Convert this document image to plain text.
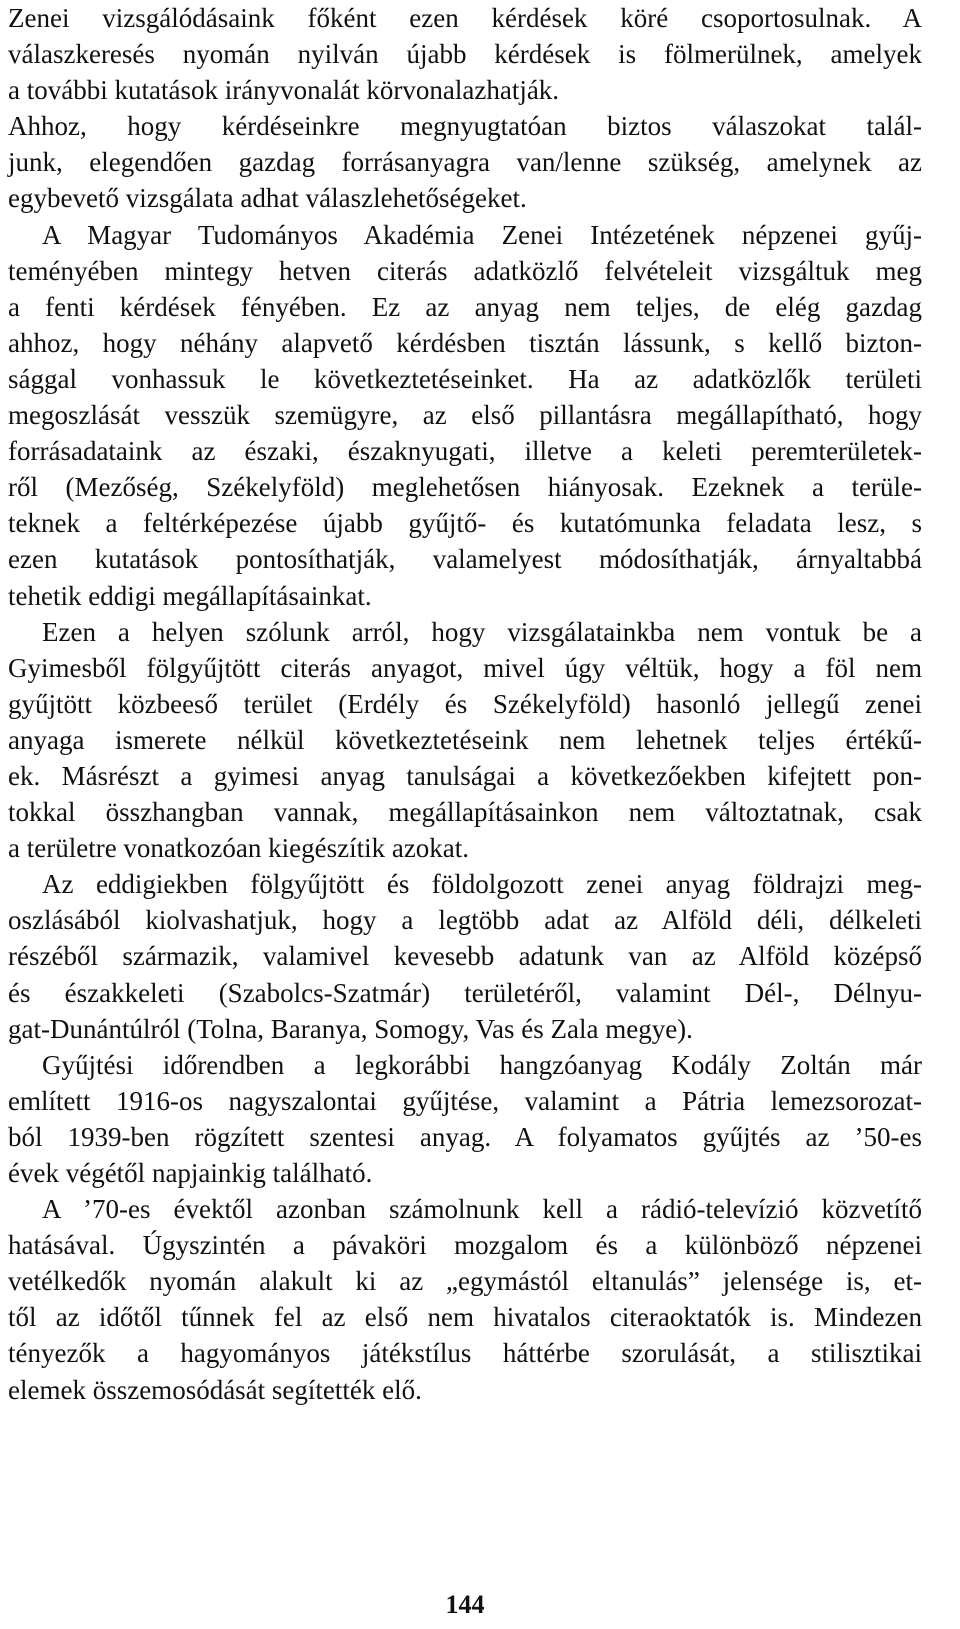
Zenei vizsgálódásaink főként ezen kérdések köré csoportosulnak. A
válaszkeresés nyomán nyilván újabb kérdések is fölmerülnek, amelyek
a további kutatások irányvonalát körvonalazhatják.
Ahhoz, hogy kérdéseinkre megnyugtatóan biztos válaszokat talál-
junk, elegendően gazdag forrásanyagra van/lenne szükség, amelynek az
egybevető vizsgálata adhat válaszlehetőségeket.
A Magyar Tudományos Akadémia Zenei Intézetének népzenei gyűj-
teményében mintegy hetven citerás adatközlő felvételeit vizsgáltuk meg
a fenti kérdések fényében. Ez az anyag nem teljes, de elég gazdag
ahhoz, hogy néhány alapvető kérdésben tisztán lássunk, s kellő bizton-
sággal vonhassuk le következtetéseinket. Ha az adatközlők területi
megoszlását vesszük szemügyre, az első pillantásra megállapítható, hogy
forrásadataink az északi, északnyugati, illetve a keleti peremterületek-
ről (Mezőség, Székelyföld) meglehetősen hiányosak. Ezeknek a terüle-
teknek a feltérképezése újabb gyűjtő- és kutatómunka feladata lesz, s
ezen kutatások pontosíthatják, valamelyest módosíthatják, árnyaltabbá
tehetik eddigi megállapításainkat.
Ezen a helyen szólunk arról, hogy vizsgálatainkba nem vontuk be a
Gyimesből fölgyűjtött citerás anyagot, mivel úgy véltük, hogy a föl nem
gyűjtött közbeeső terület (Erdély és Székelyföld) hasonló jellegű zenei
anyaga ismerete nélkül következtetéseink nem lehetnek teljes értékű-
ek. Másrészt a gyimesi anyag tanulságai a következőekben kifejtett pon-
tokkal összhangban vannak, megállapításainkon nem változtatnak, csak
a területre vonatkozóan kiegészítik azokat.
Az eddigiekben fölgyűjtött és földolgozott zenei anyag földrajzi meg-
oszlásából kiolvashatjuk, hogy a legtöbb adat az Alföld déli, délkeleti
részéből származik, valamivel kevesebb adatunk van az Alföld középső
és északkeleti (Szabolcs-Szatmár) területéről, valamint Dél-, Délnyu-
gat-Dunántúlról (Tolna, Baranya, Somogy, Vas és Zala megye).
Gyűjtési időrendben a legkorábbi hangzóanyag Kodály Zoltán már
említett 1916-os nagyszalontai gyűjtése, valamint a Pátria lemezsorozat-
ból 1939-ben rögzített szentesi anyag. A folyamatos gyűjtés az ’50-es
évek végétől napjainkig található.
A ’70-es évektől azonban számolnunk kell a rádió-televízió közvetítő
hatásával. Úgyszintén a pávaköri mozgalom és a különböző népzenei
vetélkedők nyomán alakult ki az „egymástól eltanulás” jelensége is, et-
től az időtől tűnnek fel az első nem hivatalos citeraoktatók is. Mindezen
tényezők a hagyományos játékstílus háttérbe szorulását, a stilisztikai
elemek összemosódását segítették elő.
144
